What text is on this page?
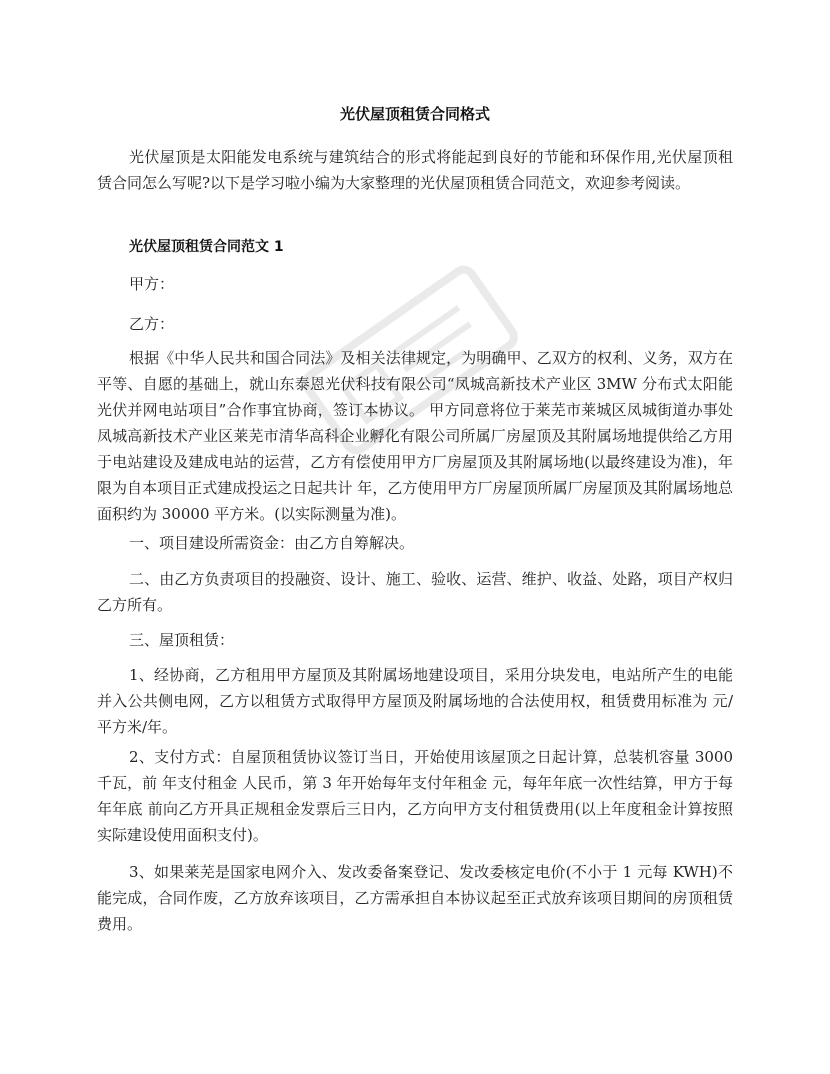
光伏屋顶租赁合同格式

光伏屋顶是太阳能发电系统与建筑结合的形式将能起到良好的节能和环保作用,光伏屋顶租赁合同怎么写呢?以下是学习啦小编为大家整理的光伏屋顶租赁合同范文，欢迎参考阅读。

光伏屋顶租赁合同范文 1
甲方：
乙方：

根据《中华人民共和国合同法》及相关法律规定，为明确甲、乙双方的权利、义务，双方在平等、自愿的基础上，就山东泰恩光伏科技有限公司“凤城高新技术产业区 3MW 分布式太阳能光伏并网电站项目”合作事宜协商，签订本协议。 甲方同意将位于莱芜市莱城区凤城街道办事处凤城高新技术产业区莱芜市清华高科企业孵化有限公司所属厂房屋顶及其附属场地提供给乙方用于电站建设及建成电站的运营，乙方有偿使用甲方厂房屋顶及其附属场地(以最终建设为准)，年限为自本项目正式建成投运之日起共计 年，乙方使用甲方厂房屋顶所属厂房屋顶及其附属场地总面积约为 30000 平方米。(以实际测量为准)。

一、项目建设所需资金：由乙方自筹解决。

二、由乙方负责项目的投融资、设计、施工、验收、运营、维护、收益、处路，项目产权归乙方所有。

三、屋顶租赁：

1、经协商，乙方租用甲方屋顶及其附属场地建设项目，采用分块发电，电站所产生的电能并入公共侧电网，乙方以租赁方式取得甲方屋顶及附属场地的合法使用权，租赁费用标准为 元/平方米/年。

2、支付方式：自屋顶租赁协议签订当日，开始使用该屋顶之日起计算，总装机容量 3000 千瓦，前 年支付租金 人民币，第 3 年开始每年支付年租金 元，每年年底一次性结算，甲方于每年年底 前向乙方开具正规租金发票后三日内，乙方向甲方支付租赁费用(以上年度租金计算按照实际建设使用面积支付)。

3、如果莱芜是国家电网介入、发改委备案登记、发改委核定电价(不小于 1 元每 KWH)不能完成，合同作废，乙方放弃该项目，乙方需承担自本协议起至正式放弃该项目期间的房顶租赁费用。
